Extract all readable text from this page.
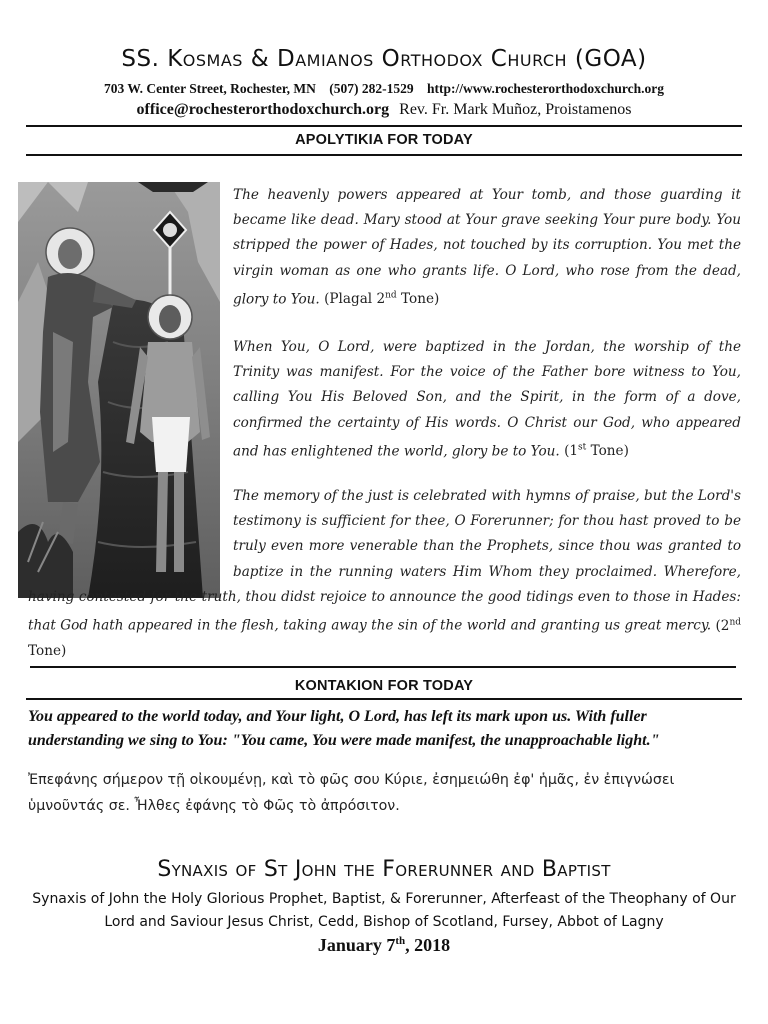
SS. Kosmas & Damianos Orthodox Church (GOA)
703 W. Center Street, Rochester, MN (507) 282-1529 http://www.rochesterorthodoxchurch.org
office@rochesterorthodoxchurch.org Rev. Fr. Mark Muñoz, Proistamenos
APOLYTIKIA FOR TODAY
The heavenly powers appeared at Your tomb, and those guarding it became like dead. Mary stood at Your grave seeking Your pure body. You stripped the power of Hades, not touched by its corruption. You met the virgin woman as one who grants life. O Lord, who rose from the dead, glory to You. (Plagal 2nd Tone)
When You, O Lord, were baptized in the Jordan, the worship of the Trinity was manifest. For the voice of the Father bore witness to You, calling You His Beloved Son, and the Spirit, in the form of a dove, confirmed the certainty of His words. O Christ our God, who appeared and has enlightened the world, glory be to You. (1st Tone)
The memory of the just is celebrated with hymns of praise, but the Lord's testimony is sufficient for thee, O Forerunner; for thou hast proved to be truly even more venerable than the Prophets, since thou was granted to baptize in the running waters Him Whom they proclaimed. Wherefore, having contested for the truth, thou didst rejoice to announce the good tidings even to those in Hades: that God hath appeared in the flesh, taking away the sin of the world and granting us great mercy. (2nd Tone)
KONTAKION FOR TODAY
You appeared to the world today, and Your light, O Lord, has left its mark upon us. With fuller understanding we sing to You: "You came, You were made manifest, the unapproachable light."
Ἐπεφάνης σήμερον τῇ οἰκουμένῃ, καὶ τὸ φῶς σου Κύριε, ἐσημειώθη ἐφ' ἡμᾶς, ἐν ἐπιγνώσει ὑμνοῦντάς σε. Ἦλθες ἐφάνης τὸ Φῶς τὸ ἀπρόσιτον.
Synaxis of St John the Forerunner and Baptist
Synaxis of John the Holy Glorious Prophet, Baptist, & Forerunner, Afterfeast of the Theophany of Our Lord and Saviour Jesus Christ, Cedd, Bishop of Scotland, Fursey, Abbot of Lagny
January 7th, 2018
